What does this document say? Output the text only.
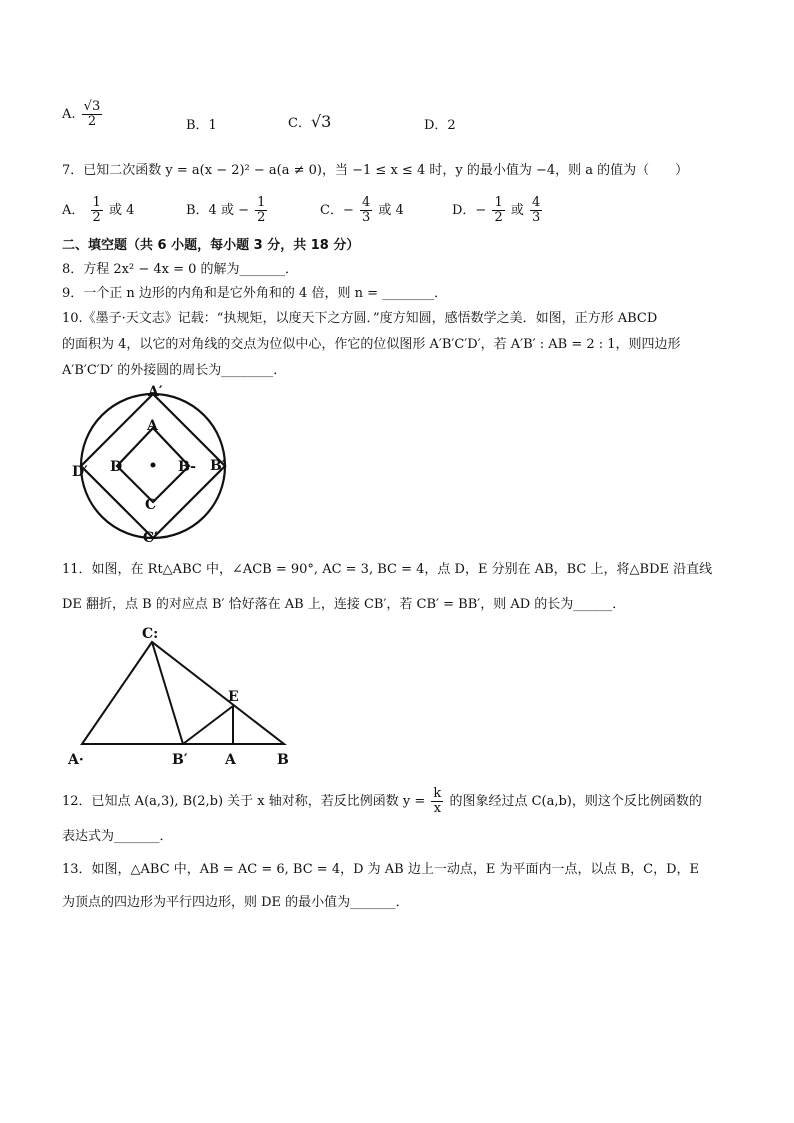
A. $\frac{√3}{2}$	B．1	C．√3	D．2
7．已知二次函数 y = a(x − 2)² − a(a ≠ 0)，当 −1 ≤ x ≤ 4 时，y 的最小值为 −4，则 a 的值为（　　）
A． $\frac{1}{2}$ 或 4	B．4 或 − $\frac{1}{2}$	C．− $\frac{4}{3}$ 或 4	D．− $\frac{1}{2}$ 或 $\frac{4}{3}$
二、填空题（共 6 小题，每小题 3 分，共 18 分）
8．方程 2x² − 4x = 0 的解为_______．
9．一个正 n 边形的内角和是它外角和的 4 倍，则 n = ________．
10.《墨子·天文志》记载：“执规矩，以度天下之方圆．”度方知圆，感悟数学之美．如图，正方形 ABCD
的面积为 4，以它的对角线的交点为位似中心，作它的位似图形 A′B′C′D′，若 A′B′ : AB = 2 : 1，则四边形
A′B′C′D′ 的外接圆的周长为________．
A′
A
D′ D	B- B′
C
C′
11．如图，在 Rt△ABC 中，∠ACB = 90°, AC = 3, BC = 4，点 D，E 分别在 AB，BC 上，将△BDE 沿直线
DE 翻折，点 B 的对应点 B′ 恰好落在 AB 上，连接 CB′，若 CB′ = BB′，则 AD 的长为______．
C:
E
A·	B′	A	B
12．已知点 A(a,3), B(2,b) 关于 x 轴对称，若反比例函数 $y = \frac{k}{x}$ 的图象经过点 C(a,b)，则这个反比例函数的
表达式为_______．
13．如图，△ABC 中，AB = AC = 6, BC = 4，D 为 AB 边上一动点，E 为平面内一点，以点 B，C，D，E
为顶点的四边形为平行四边形，则 DE 的最小值为_______．
